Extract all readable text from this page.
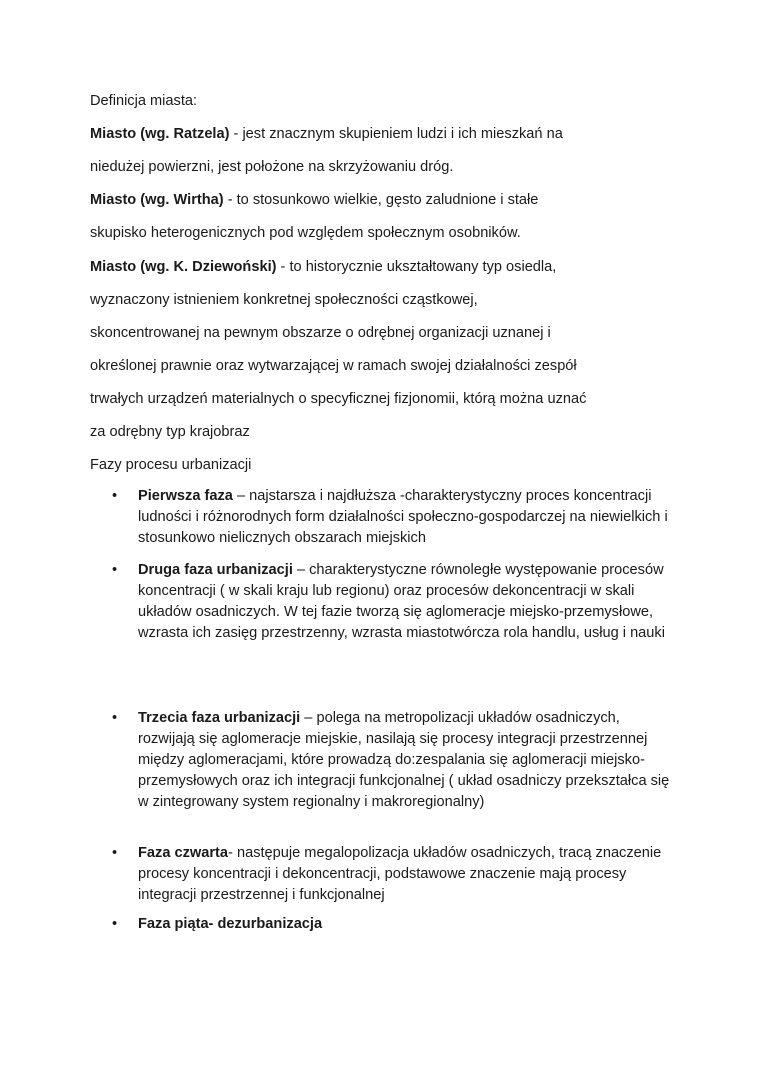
Definicja miasta:

Miasto (wg. Ratzela) - jest znacznym skupieniem ludzi i ich mieszkań na

niedużej powierzni, jest położone na skrzyżowaniu dróg.

Miasto (wg. Wirtha) - to stosunkowo wielkie, gęsto zaludnione i stałe

skupisko heterogenicznych pod względem społecznym osobników.

Miasto (wg. K. Dziewoński) - to historycznie ukształtowany typ osiedla,

wyznaczony istnieniem konkretnej społeczności cząstkowej,

skoncentrowanej na pewnym obszarze o odrębnej organizacji uznanej i

określonej prawnie oraz wytwarzającej w ramach swojej działalności zespół

trwałych urządzeń materialnych o specyficznej fizjonomii, którą można uznać

za odrębny typ krajobraz

Fazy procesu urbanizacji

• Pierwsza faza – najstarsza i najdłuższa -charakterystyczny proces koncentracji ludności i różnorodnych form działalności społeczno-gospodarczej na niewielkich i stosunkowo nielicznych obszarach miejskich

• Druga faza urbanizacji – charakterystyczne równoległe występowanie procesów koncentracji ( w skali kraju lub regionu) oraz procesów dekoncentracji w skali układów osadniczych. W tej fazie tworzą się aglomeracje miejsko-przemysłowe, wzrasta ich zasięg przestrzenny, wzrasta miastotwórcza rola handlu, usług i nauki

• Trzecia faza urbanizacji – polega na metropolizacji układów osadniczych, rozwijają się aglomeracje miejskie, nasilają się procesy integracji przestrzennej między aglomeracjami, które prowadzą do:zespalania się aglomeracji miejsko-przemysłowych oraz ich integracji funkcjonalnej ( układ osadniczy przekształca się w zintegrowany system regionalny i makroregionalny)

• Faza czwarta- następuje megalopolizacja układów osadniczych, tracą znaczenie procesy koncentracji i dekoncentracji, podstawowe znaczenie mają procesy integracji przestrzennej i funkcjonalnej

• Faza piąta- dezurbanizacja
